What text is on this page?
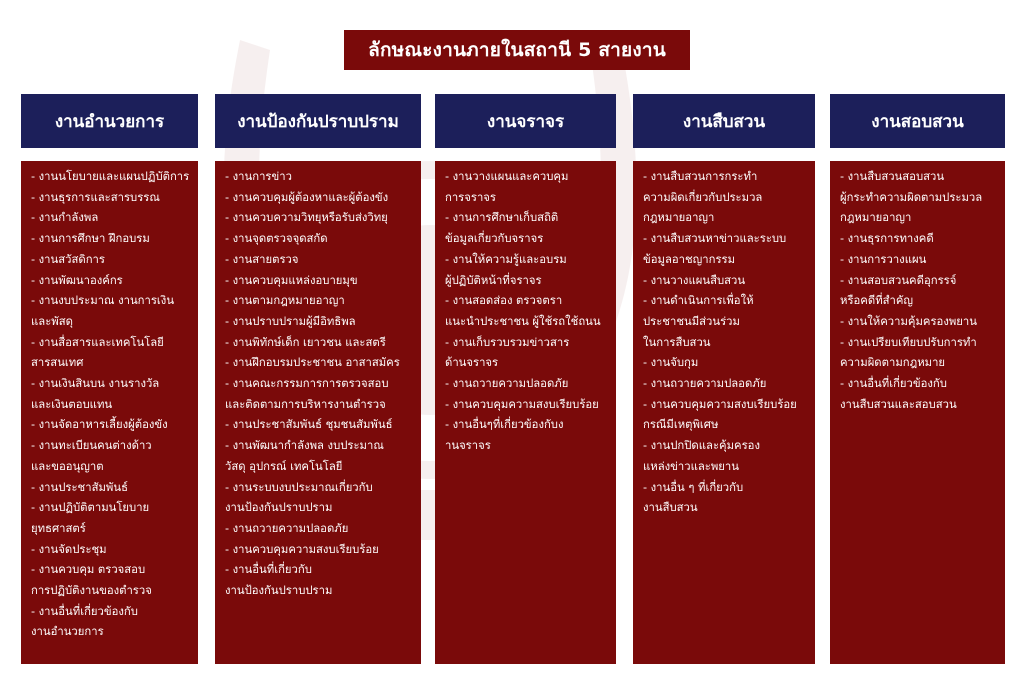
ลักษณะงานภายในสถานี 5 สายงาน
งานอำนวยการ
- งานนโยบายและแผนปฏิบัติการ
- งานธุรการและสารบรรณ
- งานกำลังพล
- งานการศึกษา ฝึกอบรม
- งานสวัสดิการ
- งานพัฒนาองค์กร
- งานงบประมาณ งานการเงิน
และพัสดุ
- งานสื่อสารและเทคโนโลยี
สารสนเทศ
- งานเงินสินบน งานรางวัล
และเงินตอบแทน
- งานจัดอาหารเลี้ยงผู้ต้องขัง
- งานทะเบียนคนต่างด้าว
และขออนุญาต
- งานประชาสัมพันธ์
- งานปฏิบัติตามนโยบาย
ยุทธศาสตร์
- งานจัดประชุม
- งานควบคุม ตรวจสอบ
การปฏิบัติงานของตำรวจ
- งานอื่นที่เกี่ยวข้องกับ
งานอำนวยการ
งานป้องกันปราบปราม
- งานการข่าว
- งานควบคุมผู้ต้องหาและผู้ต้องขัง
- งานควบความวิทยุหรือรับส่งวิทยุ
- งานจุดตรวจจุดสกัด
- งานสายตรวจ
- งานควบคุมแหล่งอบายมุข
- งานตามกฎหมายอาญา
- งานปราบปรามผู้มีอิทธิพล
- งานพิทักษ์เด็ก เยาวชน และสตรี
- งานฝึกอบรมประชาชน อาสาสมัคร
- งานคณะกรรมการการตรวจสอบ
และติดตามการบริหารงานตำรวจ
- งานประชาสัมพันธ์ ชุมชนสัมพันธ์
- งานพัฒนากำลังพล งบประมาณ
วัสดุ อุปกรณ์ เทคโนโลยี
- งานระบบงบประมาณเกี่ยวกับ
งานป้องกันปราบปราม
- งานถวายความปลอดภัย
- งานควบคุมความสงบเรียบร้อย
- งานอื่นที่เกี่ยวกับ
งานป้องกันปราบปราม
งานจราจร
- งานวางแผนและควบคุม
การจราจร
- งานการศึกษาเก็บสถิติ
ข้อมูลเกี่ยวกับจราจร
- งานให้ความรู้และอบรม
ผู้ปฏิบัติหน้าที่จราจร
- งานสอดส่อง ตรวจตรา
แนะนำประชาชน ผู้ใช้รถใช้ถนน
- งานเก็บรวบรวมข่าวสาร
ด้านจราจร
- งานถวายความปลอดภัย
- งานควบคุมความสงบเรียบร้อย
- งานอื่นๆที่เกี่ยวข้องกับง
านจราจร
งานสืบสวน
- งานสืบสวนการกระทำ
ความผิดเกี่ยวกับประมวล
กฎหมายอาญา
- งานสืบสวนหาข่าวและระบบ
ข้อมูลอาชญากรรม
- งานวางแผนสืบสวน
- งานดำเนินการเพื่อให้
ประชาชนมีส่วนร่วม
ในการสืบสวน
- งานจับกุม
- งานถวายความปลอดภัย
- งานควบคุมความสงบเรียบร้อย
กรณีมีเหตุพิเศษ
- งานปกปิดและคุ้มครอง
แหล่งข่าวและพยาน
- งานอื่น ๆ ที่เกี่ยวกับ
งานสืบสวน
งานสอบสวน
- งานสืบสวนสอบสวน
ผู้กระทำความผิดตามประมวล
กฎหมายอาญา
- งานธุรการทางคดี
- งานการวางแผน
- งานสอบสวนคดีอุกรรจ์
หรือคดีที่สำคัญ
- งานให้ความคุ้มครองพยาน
- งานเปรียบเทียบปรับการทำ
ความผิดตามกฎหมาย
- งานอื่นที่เกี่ยวข้องกับ
งานสืบสวนและสอบสวน
